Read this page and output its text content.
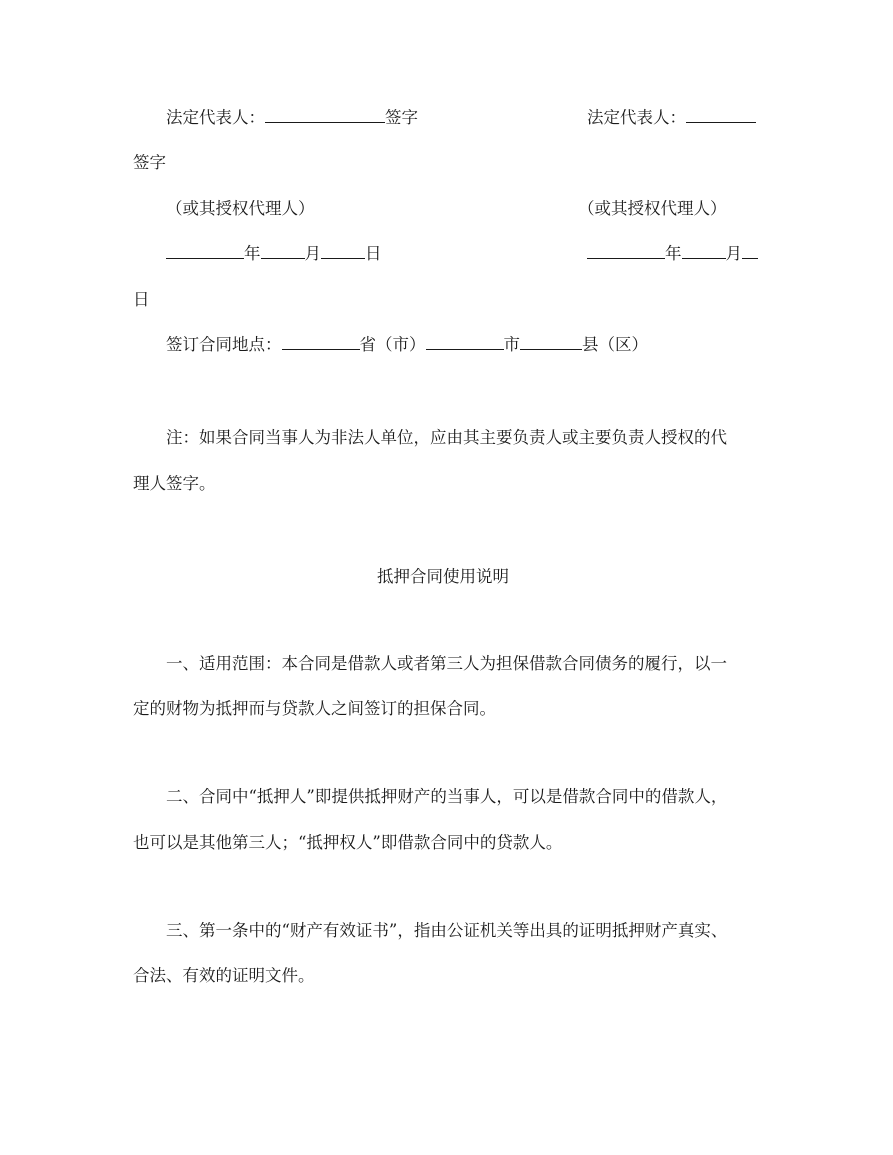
法定代表人：	签字	法定代表人：
签字
（或其授权代理人）	（或其授权代理人）
年	月	日	年	月
日
签订合同地点：	省（市）	市	县（区）
注：如果合同当事人为非法人单位，应由其主要负责人或主要负责人授权的代
理人签字。
抵押合同使用说明
一、适用范围：本合同是借款人或者第三人为担保借款合同债务的履行，以一
定的财物为抵押而与贷款人之间签订的担保合同。
二、合同中“抵押人”即提供抵押财产的当事人，可以是借款合同中的借款人，
也可以是其他第三人；“抵押权人”即借款合同中的贷款人。
三、第一条中的“财产有效证书”，指由公证机关等出具的证明抵押财产真实、
合法、有效的证明文件。
